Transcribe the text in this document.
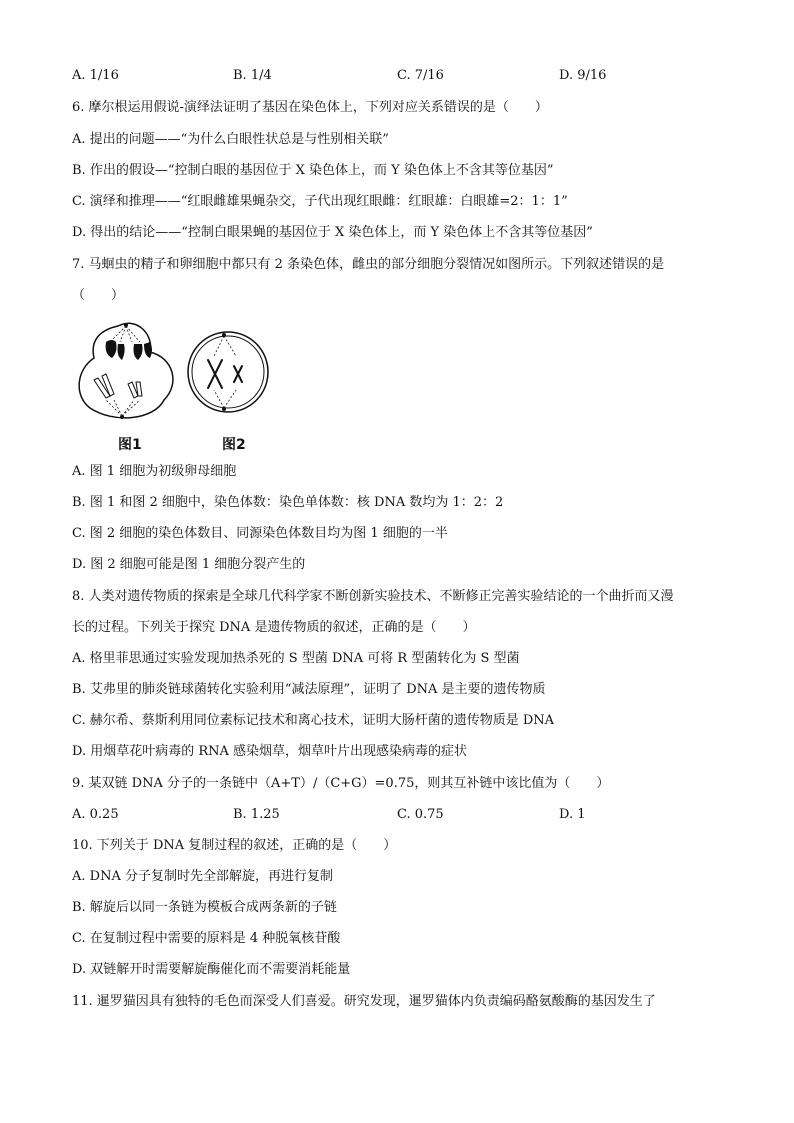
A. 1/16	B. 1/4	C. 7/16	D. 9/16
6. 摩尔根运用假说-演绎法证明了基因在染色体上，下列对应关系错误的是（　　）
A. 提出的问题——“为什么白眼性状总是与性别相关联”
B. 作出的假设—“控制白眼的基因位于 X 染色体上，而 Y 染色体上不含其等位基因”
C. 演绎和推理——“红眼雌雄果蝇杂交，子代出现红眼雌：红眼雄：白眼雄=2：1：1”
D. 得出的结论——“控制白眼果蝇的基因位于 X 染色体上，而 Y 染色体上不含其等位基因”
7. 马蛔虫的精子和卵细胞中都只有 2 条染色体，雌虫的部分细胞分裂情况如图所示。下列叙述错误的是
（　　）
图1	图2
A. 图 1 细胞为初级卵母细胞
B. 图 1 和图 2 细胞中，染色体数：染色单体数：核 DNA 数均为 1：2：2
C. 图 2 细胞的染色体数目、同源染色体数目均为图 1 细胞的一半
D. 图 2 细胞可能是图 1 细胞分裂产生的
8. 人类对遗传物质的探索是全球几代科学家不断创新实验技术、不断修正完善实验结论的一个曲折而又漫
长的过程。下列关于探究 DNA 是遗传物质的叙述，正确的是（　　）
A. 格里菲思通过实验发现加热杀死的 S 型菌 DNA 可将 R 型菌转化为 S 型菌
B. 艾弗里的肺炎链球菌转化实验利用“减法原理”，证明了 DNA 是主要的遗传物质
C. 赫尔希、蔡斯利用同位素标记技术和离心技术，证明大肠杆菌的遗传物质是 DNA
D. 用烟草花叶病毒的 RNA 感染烟草，烟草叶片出现感染病毒的症状
9. 某双链 DNA 分子的一条链中（A+T）/（C+G）=0.75，则其互补链中该比值为（　　）
A. 0.25	B. 1.25	C. 0.75	D. 1
10. 下列关于 DNA 复制过程的叙述，正确的是（　　）
A. DNA 分子复制时先全部解旋，再进行复制
B. 解旋后以同一条链为模板合成两条新的子链
C. 在复制过程中需要的原料是 4 种脱氧核苷酸
D. 双链解开时需要解旋酶催化而不需要消耗能量
11. 暹罗猫因具有独特的毛色而深受人们喜爱。研究发现，暹罗猫体内负责编码酪氨酸酶的基因发生了
